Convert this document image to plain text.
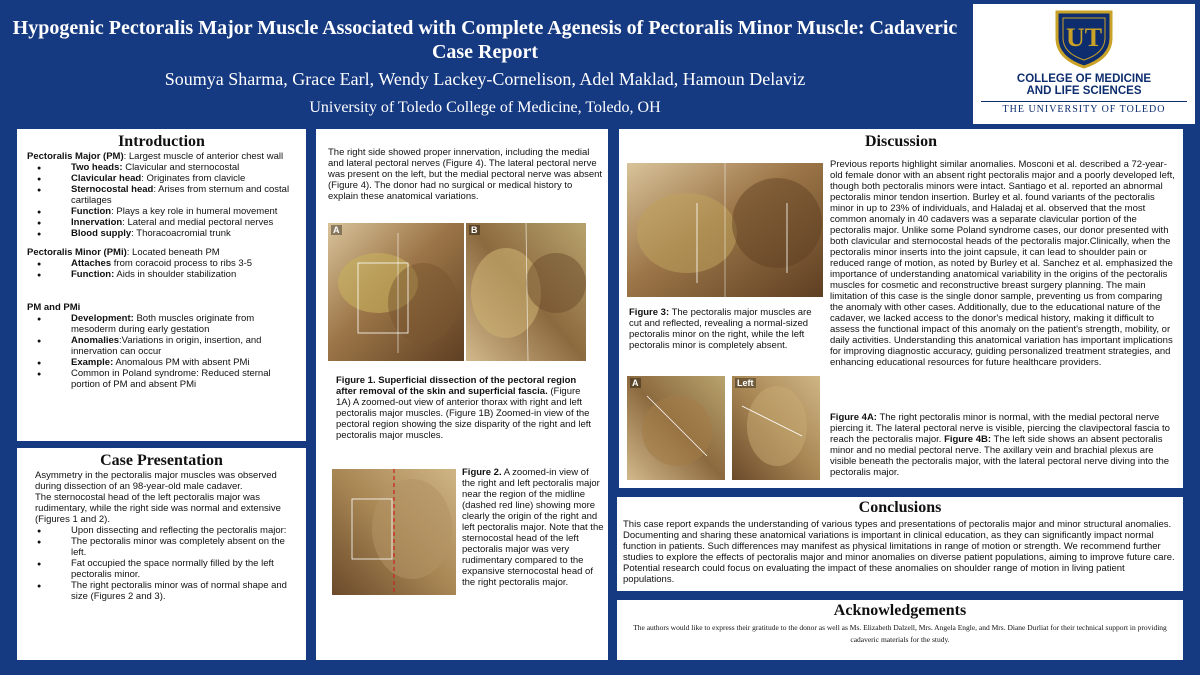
Hypogenic Pectoralis Major Muscle Associated with Complete Agenesis of Pectoralis Minor Muscle: Cadaveric Case Report
Soumya Sharma, Grace Earl, Wendy Lackey-Cornelison, Adel Maklad, Hamoun Delaviz
University of Toledo College of Medicine, Toledo, OH
UT
COLLEGE OF MEDICINE
AND LIFE SCIENCES
THE UNIVERSITY OF TOLEDO
Introduction
Pectoralis Major (PM): Largest muscle of anterior chest wall
● Two heads: Clavicular and sternocostal
● Clavicular head: Originates from clavicle
● Sternocostal head: Arises from sternum and costal cartilages
● Function: Plays a key role in humeral movement
● Innervation: Lateral and medial pectoral nerves
● Blood supply: Thoracoacromial trunk
Pectoralis Minor (PMi): Located beneath PM
● Attaches from coracoid process to ribs 3-5
● Function: Aids in shoulder stabilization
PM and PMi
● Development: Both muscles originate from mesoderm during early gestation
● Anomalies:Variations in origin, insertion, and innervation can occur
● Example: Anomalous PM with absent PMi
● Common in Poland syndrome: Reduced sternal portion of PM and absent PMi
Case Presentation
Asymmetry in the pectoralis major muscles was observed during dissection of an 98-year-old male cadaver.
The sternocostal head of the left pectoralis major was rudimentary, while the right side was normal and extensive (Figures 1 and 2).
● Upon dissecting and reflecting the pectoralis major:
● The pectoralis minor was completely absent on the left.
● Fat occupied the space normally filled by the left pectoralis minor.
● The right pectoralis minor was of normal shape and size (Figures 2 and 3).
The right side showed proper innervation, including the medial and lateral pectoral nerves (Figure 4). The lateral pectoral nerve was present on the left, but the medial pectoral nerve was absent (Figure 4). The donor had no surgical or medical history to explain these anatomical variations.
A	B
Figure 1. Superficial dissection of the pectoral region after removal of the skin and superficial fascia. (Figure 1A) A zoomed-out view of anterior thorax with right and left pectoralis major muscles. (Figure 1B) Zoomed-in view of the pectoral region showing the size disparity of the right and left pectoralis major muscles.
Figure 2. A zoomed-in view of the right and left pectoralis major near the region of the midline (dashed red line) showing more clearly the origin of the right and left pectoralis major. Note that the sternocostal head of the left pectoralis major was very rudimentary compared to the expansive sternocostal head of the right pectoralis major.
Discussion
Figure 3: The pectoralis major muscles are cut and reflected, revealing a normal-sized pectoralis minor on the right, while the left pectoralis minor is completely absent.
A	Left
Previous reports highlight similar anomalies. Mosconi et al. described a 72-year-old female donor with an absent right pectoralis major and a poorly developed left, though both pectoralis minors were intact. Santiago et al. reported an abnormal pectoralis minor tendon insertion. Burley et al. found variants of the pectoralis minor in up to 23% of individuals, and Haladaj et al. observed that the most common anomaly in 40 cadavers was a separate clavicular portion of the pectoralis major. Unlike some Poland syndrome cases, our donor presented with both clavicular and sternocostal heads of the pectoralis major.Clinically, when the pectoralis minor inserts into the joint capsule, it can lead to shoulder pain or reduced range of motion, as noted by Burley et al. Sanchez et al. emphasized the importance of understanding anatomical variability in the origins of the pectoralis muscles for cosmetic and reconstructive breast surgery planning. The main limitation of this case is the single donor sample, preventing us from comparing the anomaly with other cases. Additionally, due to the educational nature of the cadaver, we lacked access to the donor's medical history, making it difficult to assess the functional impact of this anomaly on the patient's strength, mobility, or daily activities. Understanding this anatomical variation has important implications for improving diagnostic accuracy, guiding personalized treatment strategies, and enhancing educational resources for future healthcare providers.
Figure 4A: The right pectoralis minor is normal, with the medial pectoral nerve piercing it. The lateral pectoral nerve is visible, piercing the clavipectoral fascia to reach the pectoralis major. Figure 4B: The left side shows an absent pectoralis minor and no medial pectoral nerve. The axillary vein and brachial plexus are visible beneath the pectoralis major, with the lateral pectoral nerve diving into the pectoralis major.
Conclusions
This case report expands the understanding of various types and presentations of pectoralis major and minor structural anomalies. Documenting and sharing these anatomical variations is important in clinical education, as they can significantly impact normal function in patients. Such differences may manifest as physical limitations in range of motion or strength. We recommend further studies to explore the effects of pectoralis major and minor anomalies on diverse patient populations, aiming to improve future care. Potential research could focus on evaluating the impact of these anomalies on shoulder range of motion in living patient populations.
Acknowledgements
The authors would like to express their gratitude to the donor as well as Ms. Elizabeth Dalzell, Mrs. Angela Engle, and Mrs. Diane Durliat for their technical support in providing cadaveric materials for the study.
